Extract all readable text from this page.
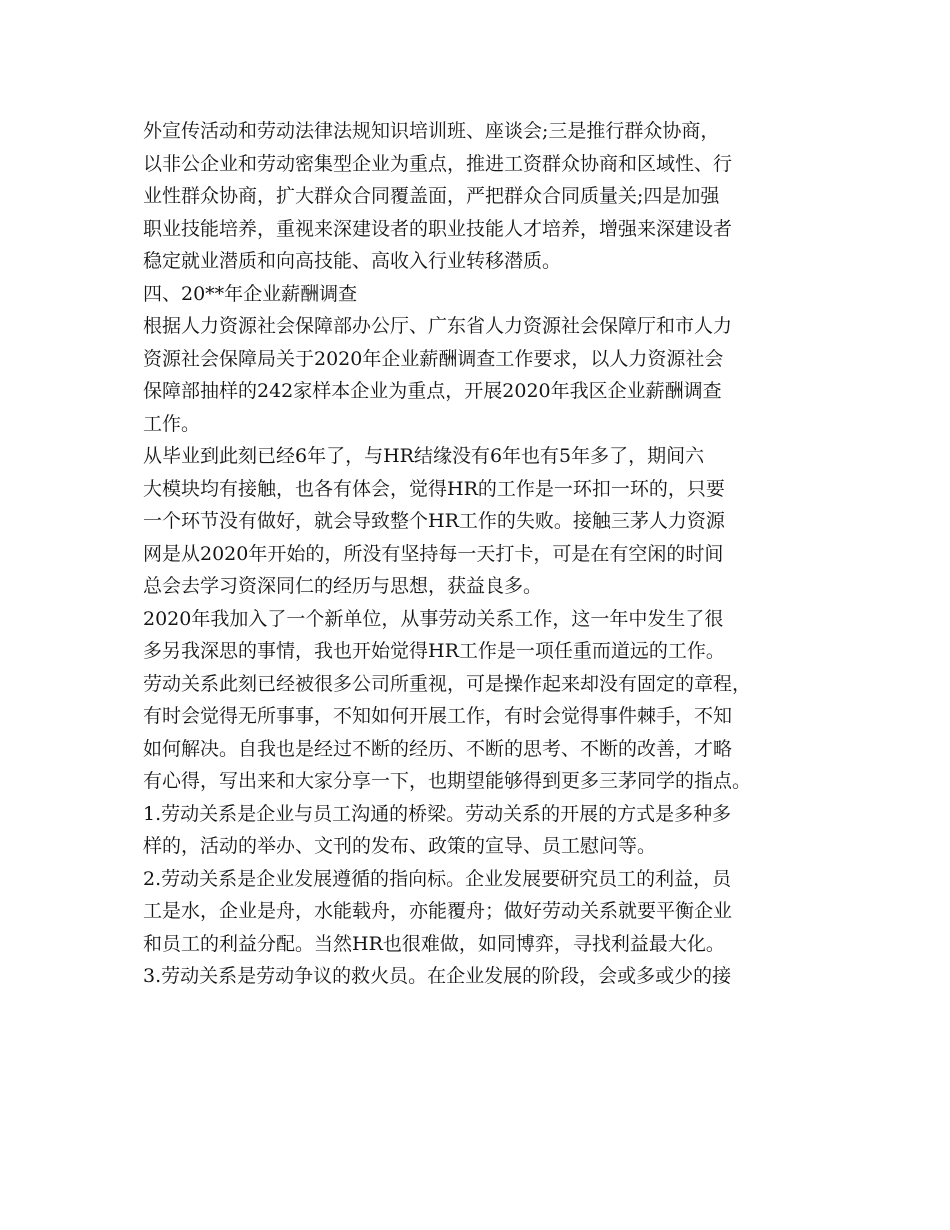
外宣传活动和劳动法律法规知识培训班、座谈会;三是推行群众协商，
以非公企业和劳动密集型企业为重点，推进工资群众协商和区域性、行
业性群众协商，扩大群众合同覆盖面，严把群众合同质量关;四是加强
职业技能培养，重视来深建设者的职业技能人才培养，增强来深建设者
稳定就业潜质和向高技能、高收入行业转移潜质。
四、20**年企业薪酬调查
根据人力资源社会保障部办公厅、广东省人力资源社会保障厅和市人力
资源社会保障局关于2020年企业薪酬调查工作要求，以人力资源社会
保障部抽样的242家样本企业为重点，开展2020年我区企业薪酬调查
工作。
从毕业到此刻已经6年了，与HR结缘没有6年也有5年多了，期间六
大模块均有接触，也各有体会，觉得HR的工作是一环扣一环的，只要
一个环节没有做好，就会导致整个HR工作的失败。接触三茅人力资源
网是从2020年开始的，所没有坚持每一天打卡，可是在有空闲的时间
总会去学习资深同仁的经历与思想，获益良多。
2020年我加入了一个新单位，从事劳动关系工作，这一年中发生了很
多另我深思的事情，我也开始觉得HR工作是一项任重而道远的工作。
劳动关系此刻已经被很多公司所重视，可是操作起来却没有固定的章程，
有时会觉得无所事事，不知如何开展工作，有时会觉得事件棘手，不知
如何解决。自我也是经过不断的经历、不断的思考、不断的改善，才略
有心得，写出来和大家分享一下，也期望能够得到更多三茅同学的指点。
1.劳动关系是企业与员工沟通的桥梁。劳动关系的开展的方式是多种多
样的，活动的举办、文刊的发布、政策的宣导、员工慰问等。
2.劳动关系是企业发展遵循的指向标。企业发展要研究员工的利益，员
工是水，企业是舟，水能载舟，亦能覆舟；做好劳动关系就要平衡企业
和员工的利益分配。当然HR也很难做，如同博弈，寻找利益最大化。
3.劳动关系是劳动争议的救火员。在企业发展的阶段，会或多或少的接
